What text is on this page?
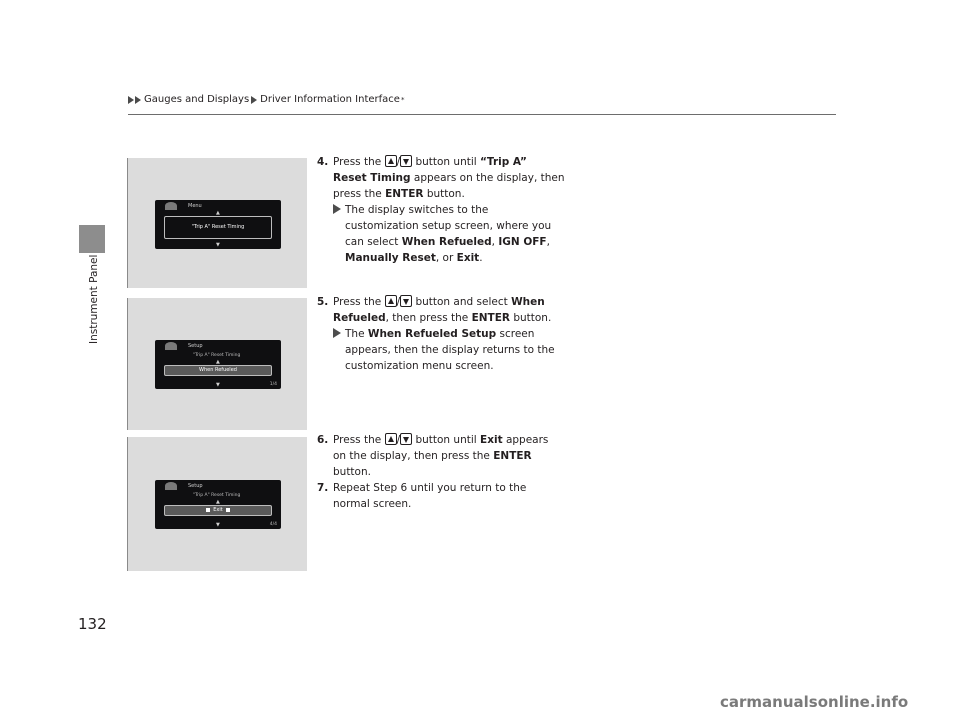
Instrument Panel
Gauges and Displays Driver Information Interface *
Menu
▲
"Trip A" Reset Timing
▼
Setup
"Trip A" Reset Timing
▲
When Refueled
▼	1/4
Setup
"Trip A" Reset Timing
▲
Exit
▼	4/4
4. Press the / button until “Trip A”
Reset Timing appears on the display, then
press the ENTER button.
The display switches to the
customization setup screen, where you
can select When Refueled, IGN OFF,
Manually Reset, or Exit.
5. Press the / button and select When
Refueled, then press the ENTER button.
The When Refueled Setup screen
appears, then the display returns to the
customization menu screen.
6. Press the / button until Exit appears
on the display, then press the ENTER
button.
7. Repeat Step 6 until you return to the
normal screen.
132
carmanualsonline.info
